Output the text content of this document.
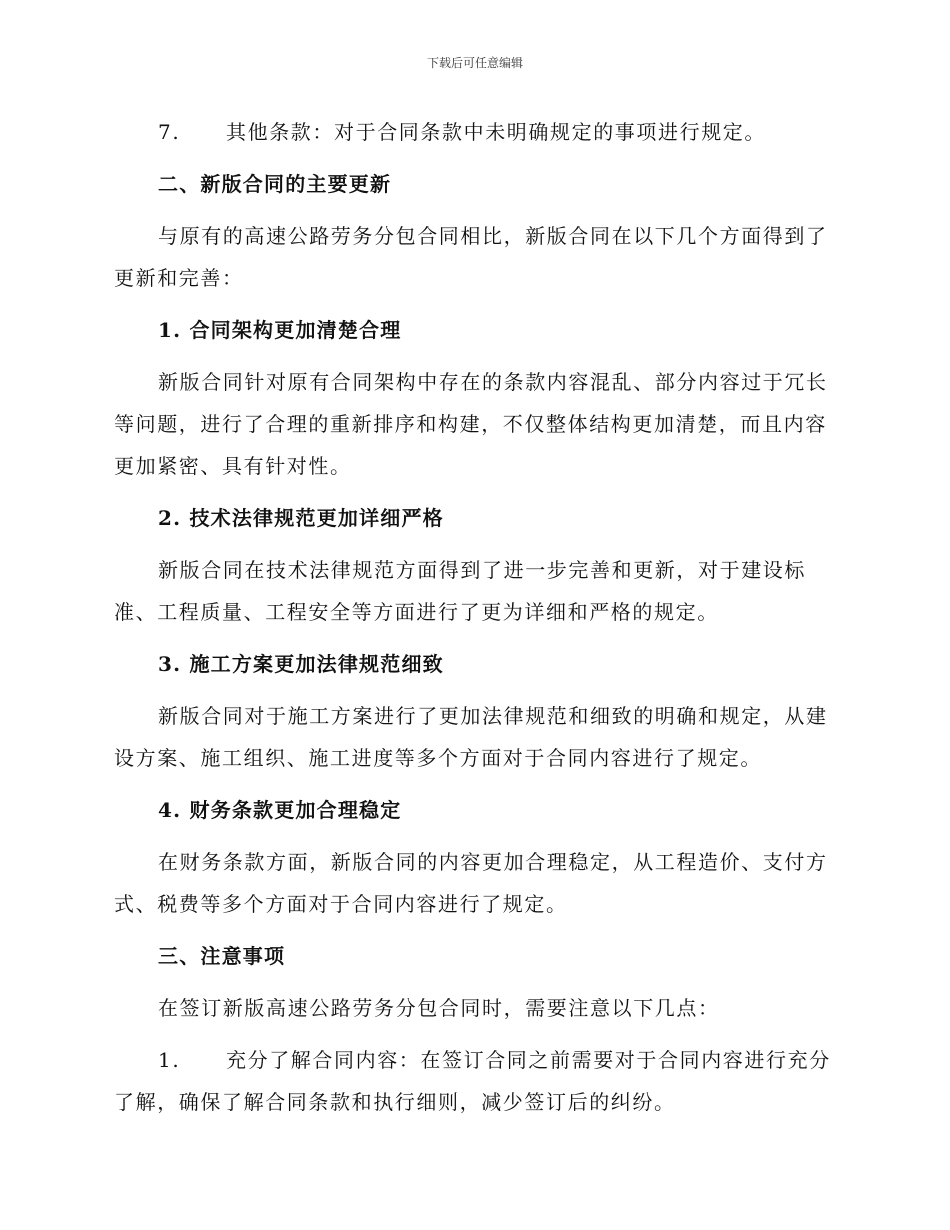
下载后可任意编辑
7. 其他条款：对于合同条款中未明确规定的事项进行规定。
二、新版合同的主要更新
与原有的高速公路劳务分包合同相比，新版合同在以下几个方面得到了
更新和完善：
1. 合同架构更加清楚合理
新版合同针对原有合同架构中存在的条款内容混乱、部分内容过于冗长
等问题，进行了合理的重新排序和构建，不仅整体结构更加清楚，而且内容
更加紧密、具有针对性。
2. 技术法律规范更加详细严格
新版合同在技术法律规范方面得到了进一步完善和更新，对于建设标
准、工程质量、工程安全等方面进行了更为详细和严格的规定。
3. 施工方案更加法律规范细致
新版合同对于施工方案进行了更加法律规范和细致的明确和规定，从建
设方案、施工组织、施工进度等多个方面对于合同内容进行了规定。
4. 财务条款更加合理稳定
在财务条款方面，新版合同的内容更加合理稳定，从工程造价、支付方
式、税费等多个方面对于合同内容进行了规定。
三、注意事项
在签订新版高速公路劳务分包合同时，需要注意以下几点：
1. 充分了解合同内容：在签订合同之前需要对于合同内容进行充分
了解，确保了解合同条款和执行细则，减少签订后的纠纷。
